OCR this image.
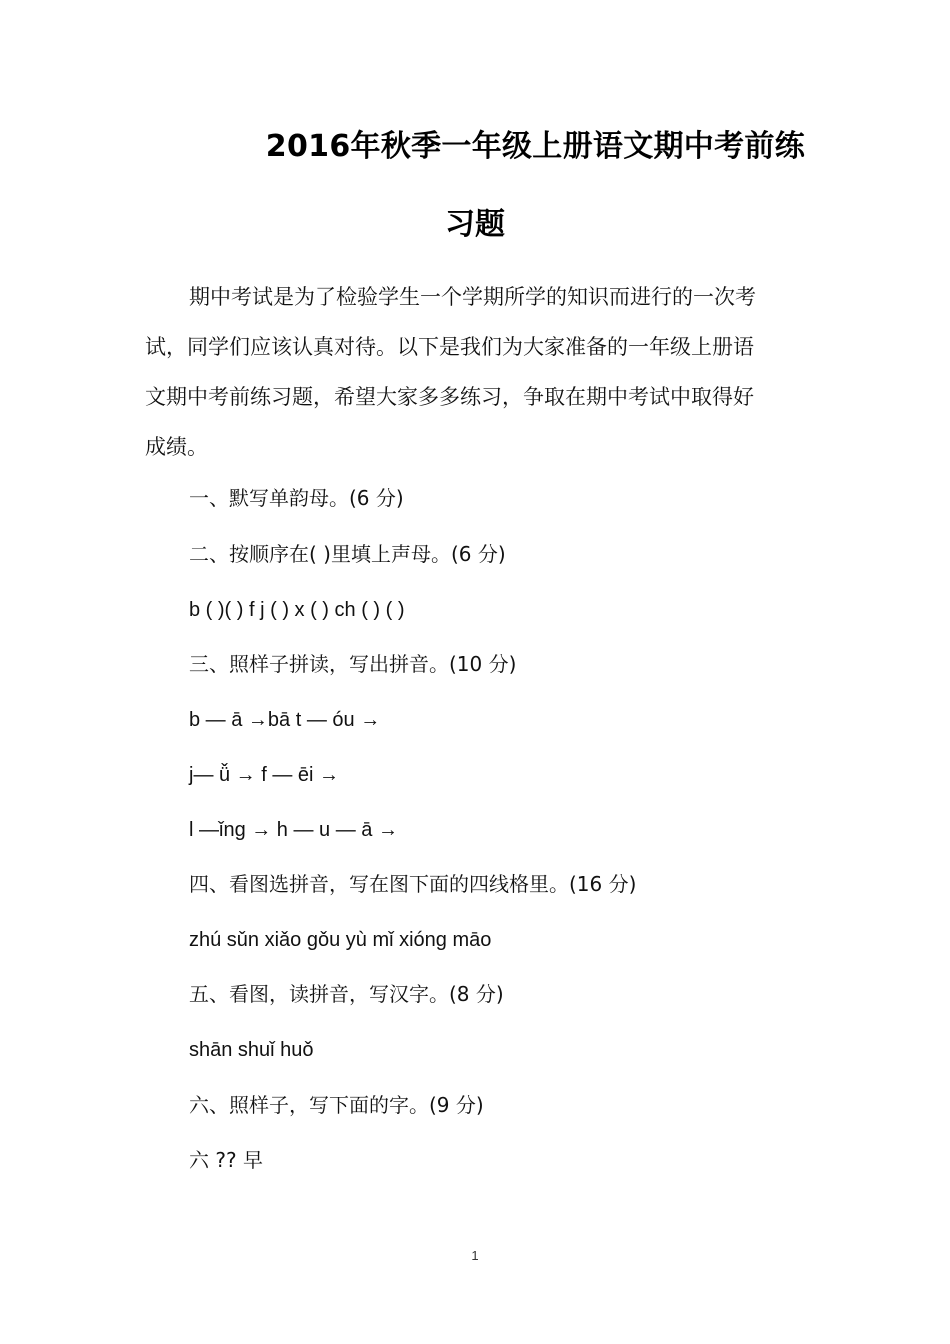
2016年秋季一年级上册语文期中考前练
习题
期中考试是为了检验学生一个学期所学的知识而进行的一次考
试，同学们应该认真对待。以下是我们为大家准备的一年级上册语
文期中考前练习题，希望大家多多练习，争取在期中考试中取得好
成绩。
一、默写单韵母。(6 分)
二、按顺序在( )里填上声母。(6 分)
b ( )( ) f j ( ) x ( ) ch ( ) ( )
三、照样子拼读，写出拼音。(10 分)
b — ā →bā t — óu →
j— ǚ → f — ēi →
l —ǐng → h — u — ā →
四、看图选拼音，写在图下面的四线格里。(16 分)
zhú sǔn xiǎo gǒu yù mǐ xióng māo
五、看图，读拼音，写汉字。(8 分)
shān shuǐ huǒ
六、照样子，写下面的字。(9 分)
六 ?? 早
1
